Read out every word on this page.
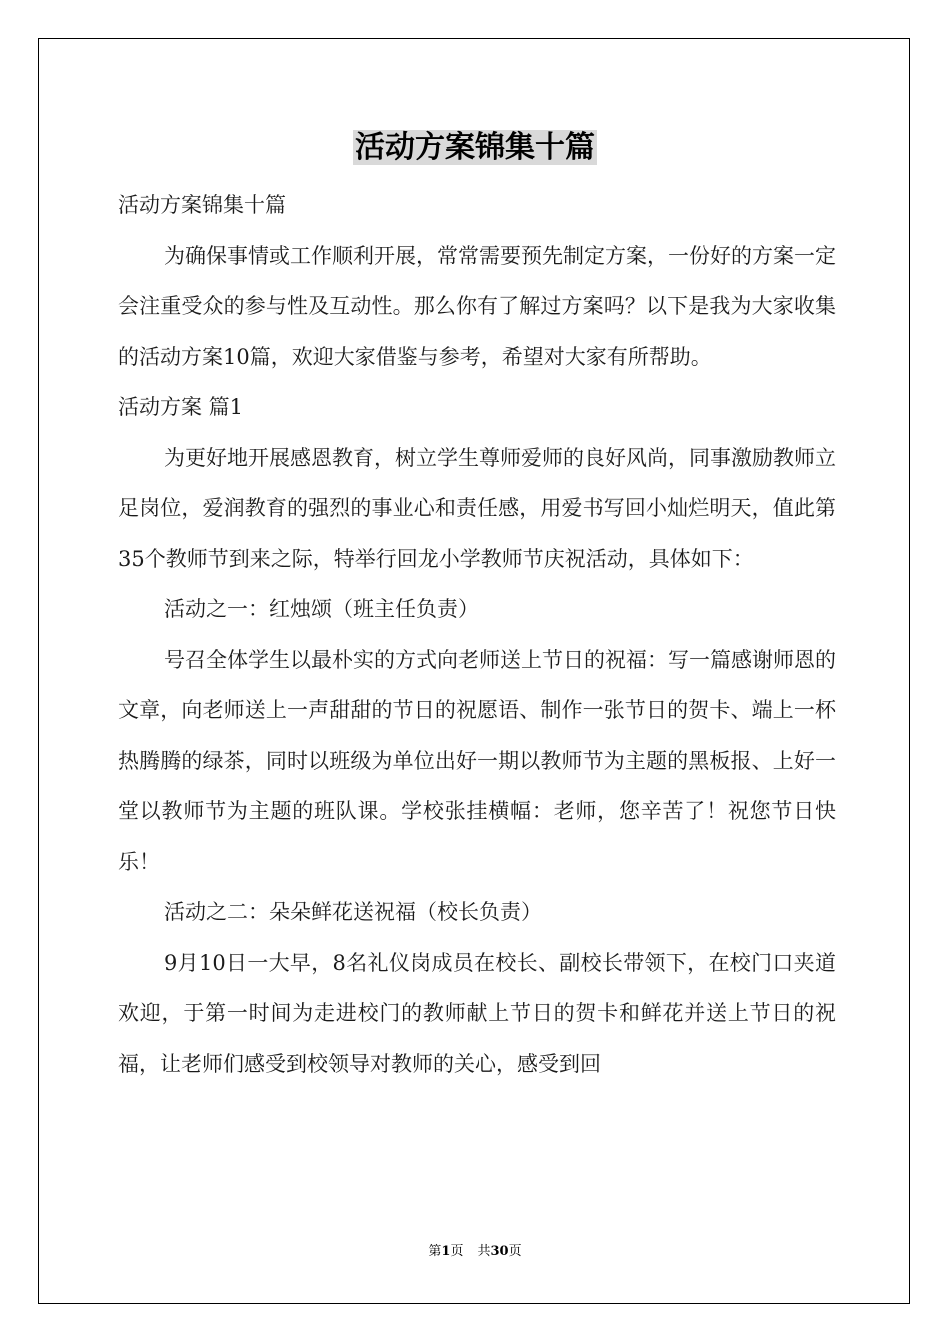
活动方案锦集十篇

活动方案锦集十篇

为确保事情或工作顺利开展，常常需要预先制定方案，一份好的方案一定会注重受众的参与性及互动性。那么你有了解过方案吗？以下是我为大家收集的活动方案10篇，欢迎大家借鉴与参考，希望对大家有所帮助。

活动方案 篇1

为更好地开展感恩教育，树立学生尊师爱师的良好风尚，同事激励教师立足岗位，爱润教育的强烈的事业心和责任感，用爱书写回小灿烂明天，值此第35个教师节到来之际，特举行回龙小学教师节庆祝活动，具体如下：

活动之一：红烛颂（班主任负责）

号召全体学生以最朴实的方式向老师送上节日的祝福：写一篇感谢师恩的文章，向老师送上一声甜甜的节日的祝愿语、制作一张节日的贺卡、端上一杯热腾腾的绿茶，同时以班级为单位出好一期以教师节为主题的黑板报、上好一堂以教师节为主题的班队课。学校张挂横幅：老师，您辛苦了！祝您节日快乐！

活动之二：朵朵鲜花送祝福（校长负责）

9月10日一大早，8名礼仪岗成员在校长、副校长带领下，在校门口夹道欢迎，于第一时间为走进校门的教师献上节日的贺卡和鲜花并送上节日的祝福，让老师们感受到校领导对教师的关心，感受到回

第1页 共30页
